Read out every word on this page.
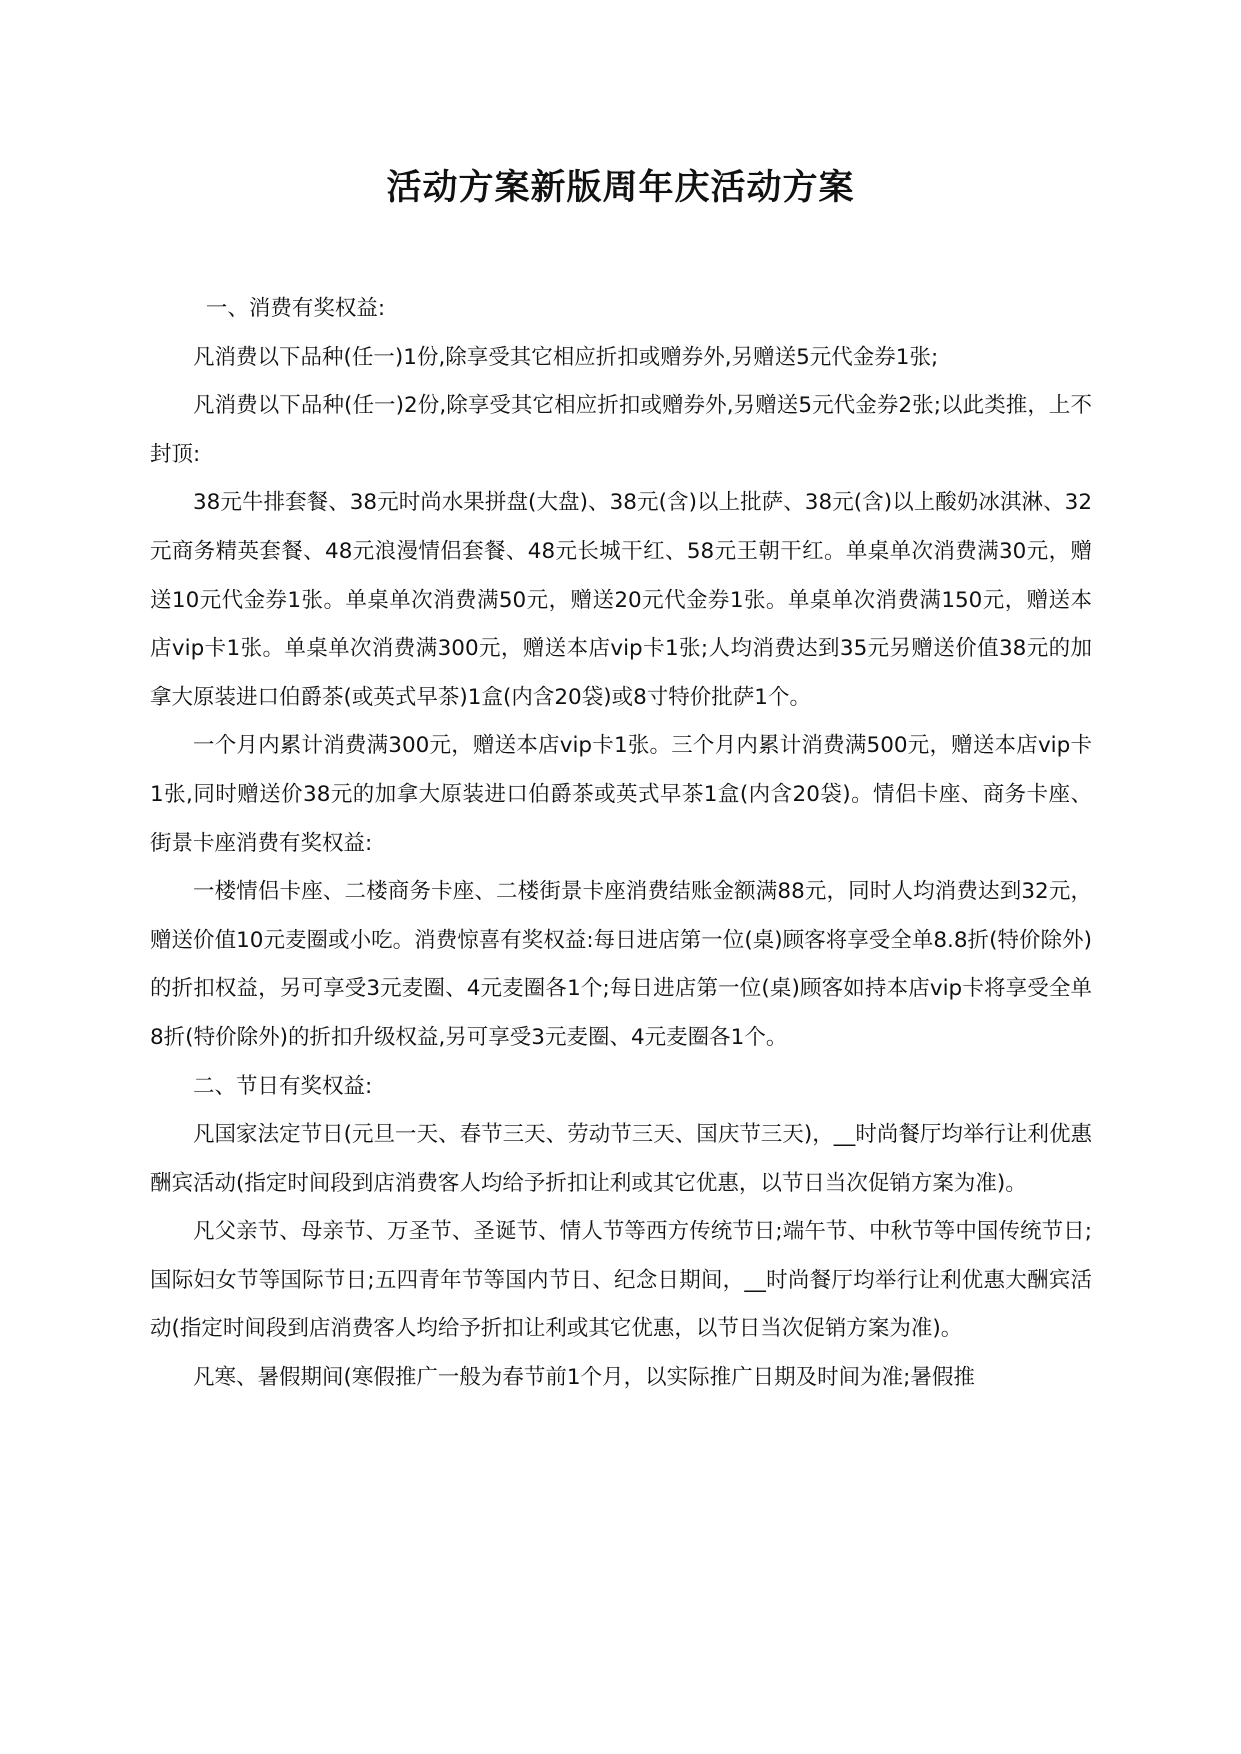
活动方案新版周年庆活动方案

一、消费有奖权益:

凡消费以下品种(任一)1份,除享受其它相应折扣或赠券外,另赠送5元代金券1张;

凡消费以下品种(任一)2份,除享受其它相应折扣或赠券外,另赠送5元代金券2张;以此类推，上不封顶:

38元牛排套餐、38元时尚水果拼盘(大盘)、38元(含)以上批萨、38元(含)以上酸奶冰淇淋、32元商务精英套餐、48元浪漫情侣套餐、48元长城干红、58元王朝干红。单桌单次消费满30元，赠送10元代金券1张。单桌单次消费满50元，赠送20元代金券1张。单桌单次消费满150元，赠送本店vip卡1张。单桌单次消费满300元，赠送本店vip卡1张;人均消费达到35元另赠送价值38元的加拿大原装进口伯爵茶(或英式早茶)1盒(内含20袋)或8寸特价批萨1个。

一个月内累计消费满300元，赠送本店vip卡1张。三个月内累计消费满500元，赠送本店vip卡1张,同时赠送价38元的加拿大原装进口伯爵茶或英式早茶1盒(内含20袋)。情侣卡座、商务卡座、街景卡座消费有奖权益:

一楼情侣卡座、二楼商务卡座、二楼街景卡座消费结账金额满88元，同时人均消费达到32元，赠送价值10元麦圈或小吃。消费惊喜有奖权益:每日进店第一位(桌)顾客将享受全单8.8折(特价除外)的折扣权益，另可享受3元麦圈、4元麦圈各1个;每日进店第一位(桌)顾客如持本店vip卡将享受全单8折(特价除外)的折扣升级权益,另可享受3元麦圈、4元麦圈各1个。

二、节日有奖权益:

凡国家法定节日(元旦一天、春节三天、劳动节三天、国庆节三天)，__时尚餐厅均举行让利优惠酬宾活动(指定时间段到店消费客人均给予折扣让利或其它优惠，以节日当次促销方案为准)。

凡父亲节、母亲节、万圣节、圣诞节、情人节等西方传统节日;端午节、中秋节等中国传统节日;国际妇女节等国际节日;五四青年节等国内节日、纪念日期间，__时尚餐厅均举行让利优惠大酬宾活动(指定时间段到店消费客人均给予折扣让利或其它优惠，以节日当次促销方案为准)。

凡寒、暑假期间(寒假推广一般为春节前1个月，以实际推广日期及时间为准;暑假推
